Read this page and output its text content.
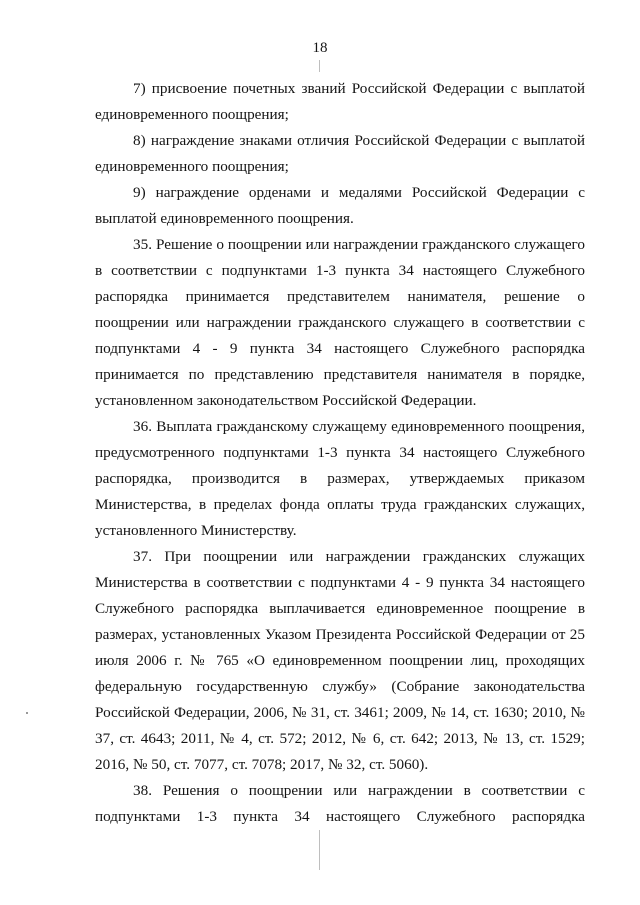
18

7) присвоение почетных званий Российской Федерации с выплатой единовременного поощрения;

8) награждение знаками отличия Российской Федерации с выплатой единовременного поощрения;

9) награждение орденами и медалями Российской Федерации с выплатой единовременного поощрения.

35. Решение о поощрении или награждении гражданского служащего в соответствии с подпунктами 1-3 пункта 34 настоящего Служебного распорядка принимается представителем нанимателя, решение о поощрении или награждении гражданского служащего в соответствии с подпунктами 4 - 9 пункта 34 настоящего Служебного распорядка принимается по представлению представителя нанимателя в порядке, установленном законодательством Российской Федерации.

36. Выплата гражданскому служащему единовременного поощрения, предусмотренного подпунктами 1-3 пункта 34 настоящего Служебного распорядка, производится в размерах, утверждаемых приказом Министерства, в пределах фонда оплаты труда гражданских служащих, установленного Министерству.

37. При поощрении или награждении гражданских служащих Министерства в соответствии с подпунктами 4 - 9 пункта 34 настоящего Служебного распорядка выплачивается единовременное поощрение в размерах, установленных Указом Президента Российской Федерации от 25 июля 2006 г. № 765 «О единовременном поощрении лиц, проходящих федеральную государственную службу» (Собрание законодательства Российской Федерации, 2006, № 31, ст. 3461; 2009, № 14, ст. 1630; 2010, № 37, ст. 4643; 2011, № 4, ст. 572; 2012, № 6, ст. 642; 2013, № 13, ст. 1529; 2016, № 50, ст. 7077, ст. 7078; 2017, № 32, ст. 5060).

38. Решения о поощрении или награждении в соответствии с подпунктами 1-3 пункта 34 настоящего Служебного распорядка
